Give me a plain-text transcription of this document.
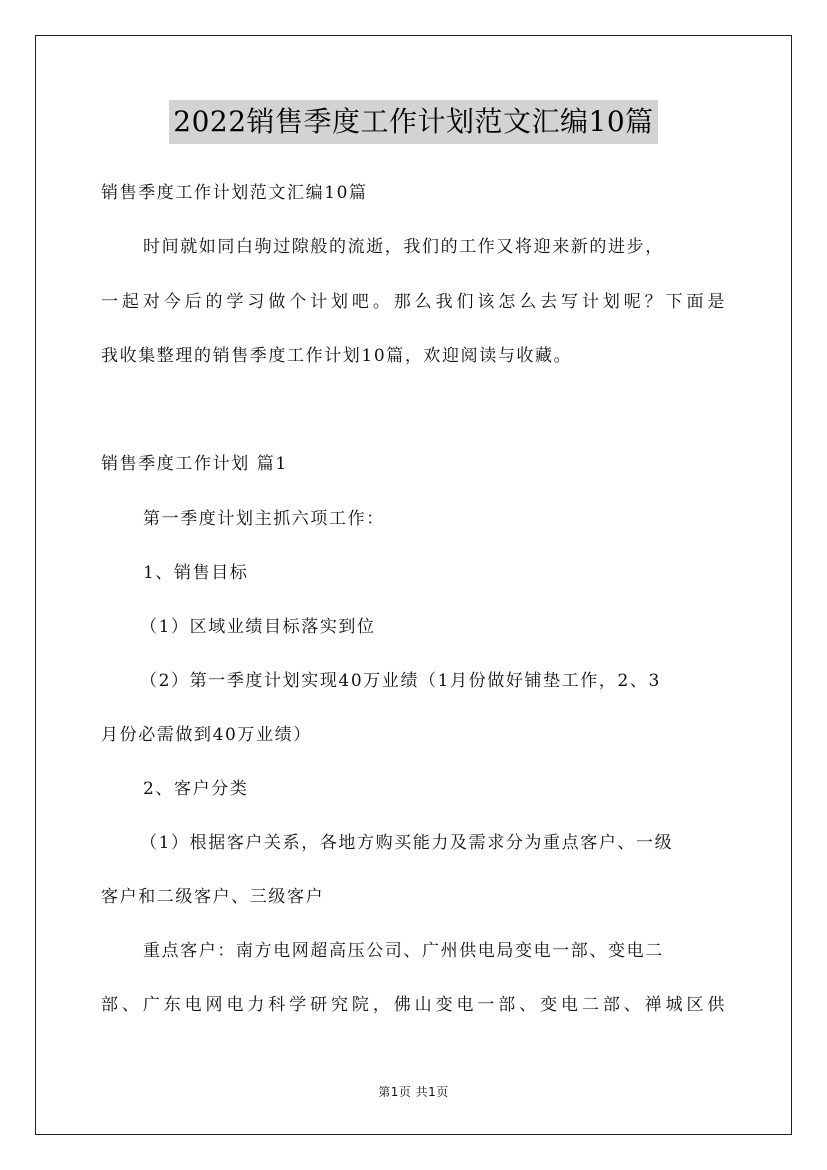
2022销售季度工作计划范文汇编10篇
销售季度工作计划范文汇编10篇
时间就如同白驹过隙般的流逝，我们的工作又将迎来新的进步，
一起对今后的学习做个计划吧。那么我们该怎么去写计划呢？下面是
我收集整理的销售季度工作计划10篇，欢迎阅读与收藏。
销售季度工作计划 篇1
第一季度计划主抓六项工作：
1、销售目标
（1）区域业绩目标落实到位
（2）第一季度计划实现40万业绩（1月份做好铺垫工作，2、3
月份必需做到40万业绩）
2、客户分类
（1）根据客户关系，各地方购买能力及需求分为重点客户、一级
客户和二级客户、三级客户
重点客户：南方电网超高压公司、广州供电局变电一部、变电二
部、广东电网电力科学研究院，佛山变电一部、变电二部、禅城区供
第1页 共1页
